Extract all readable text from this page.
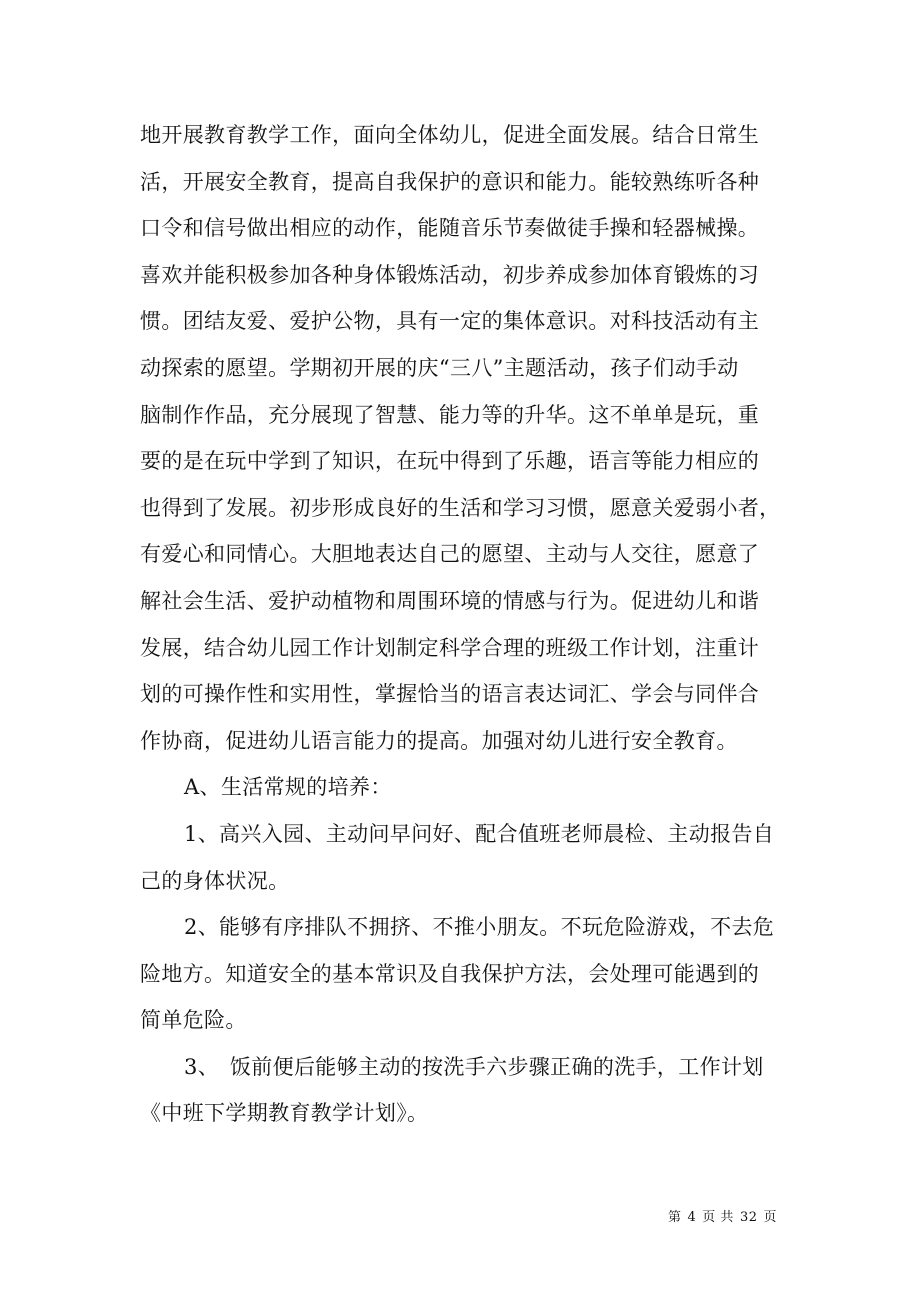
地开展教育教学工作，面向全体幼儿，促进全面发展。结合日常生
活，开展安全教育，提高自我保护的意识和能力。能较熟练听各种
口令和信号做出相应的动作，能随音乐节奏做徒手操和轻器械操。
喜欢并能积极参加各种身体锻炼活动，初步养成参加体育锻炼的习
惯。团结友爱、爱护公物，具有一定的集体意识。对科技活动有主
动探索的愿望。学期初开展的庆“三八”主题活动，孩子们动手动
脑制作作品，充分展现了智慧、能力等的升华。这不单单是玩，重
要的是在玩中学到了知识，在玩中得到了乐趣，语言等能力相应的
也得到了发展。初步形成良好的生活和学习习惯，愿意关爱弱小者，
有爱心和同情心。大胆地表达自己的愿望、主动与人交往，愿意了
解社会生活、爱护动植物和周围环境的情感与行为。促进幼儿和谐
发展，结合幼儿园工作计划制定科学合理的班级工作计划，注重计
划的可操作性和实用性，掌握恰当的语言表达词汇、学会与同伴合
作协商，促进幼儿语言能力的提高。加强对幼儿进行安全教育。
A、生活常规的培养：
1、高兴入园、主动问早问好、配合值班老师晨检、主动报告自
己的身体状况。
2、能够有序排队不拥挤、不推小朋友。不玩危险游戏，不去危
险地方。知道安全的基本常识及自我保护方法，会处理可能遇到的
简单危险。
3、　饭前便后能够主动的按洗手六步骤正确的洗手，工作计划
《中班下学期教育教学计划》。
第 4 页 共 32 页
